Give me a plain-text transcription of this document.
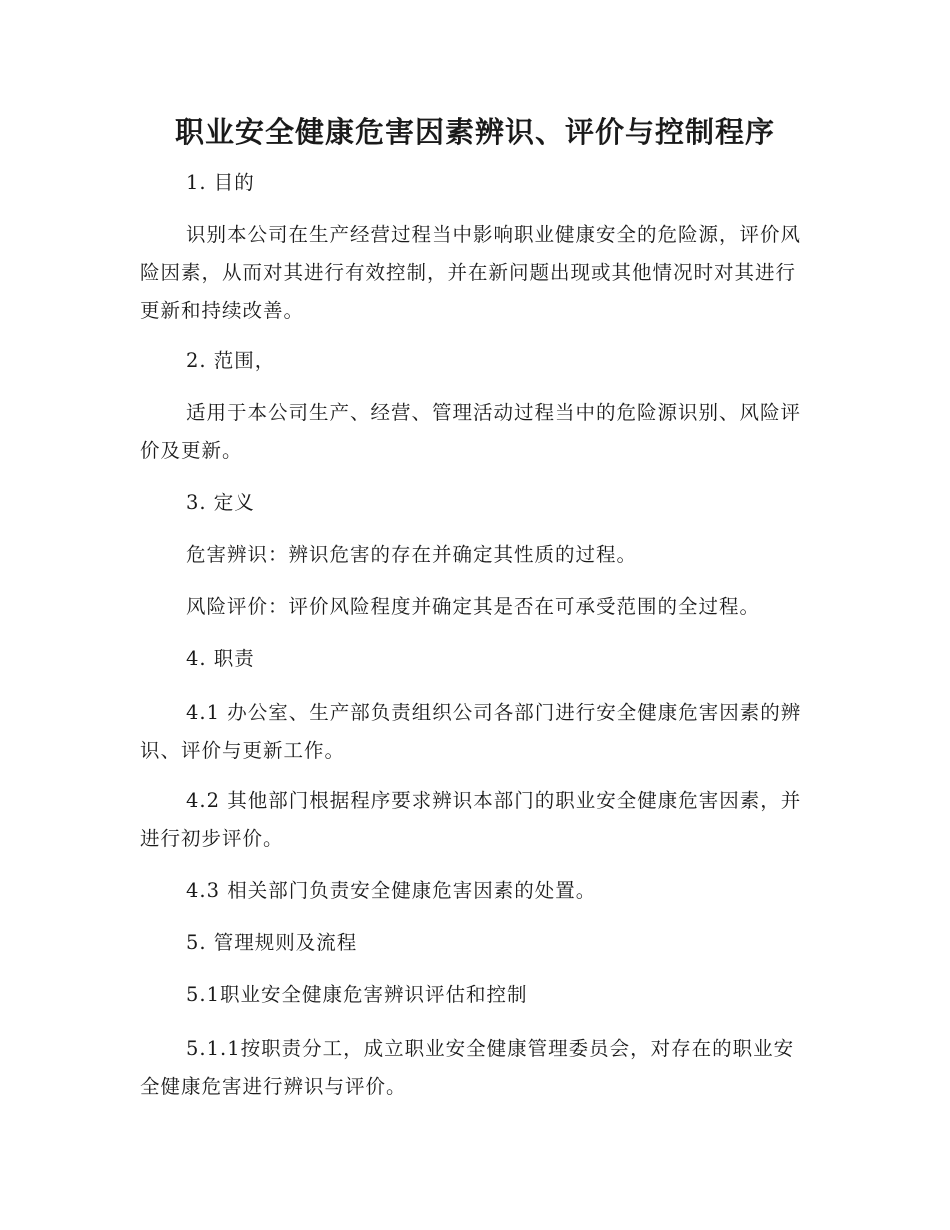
职业安全健康危害因素辨识、评价与控制程序

1. 目的

识别本公司在生产经营过程当中影响职业健康安全的危险源，评价风险因素，从而对其进行有效控制，并在新问题出现或其他情况时对其进行更新和持续改善。

2. 范围，

适用于本公司生产、经营、管理活动过程当中的危险源识别、风险评价及更新。

3. 定义

危害辨识：辨识危害的存在并确定其性质的过程。

风险评价：评价风险程度并确定其是否在可承受范围的全过程。

4. 职责

4.1 办公室、生产部负责组织公司各部门进行安全健康危害因素的辨识、评价与更新工作。

4.2 其他部门根据程序要求辨识本部门的职业安全健康危害因素，并进行初步评价。

4.3 相关部门负责安全健康危害因素的处置。

5. 管理规则及流程

5.1职业安全健康危害辨识评估和控制

5.1.1按职责分工，成立职业安全健康管理委员会，对存在的职业安全健康危害进行辨识与评价。
